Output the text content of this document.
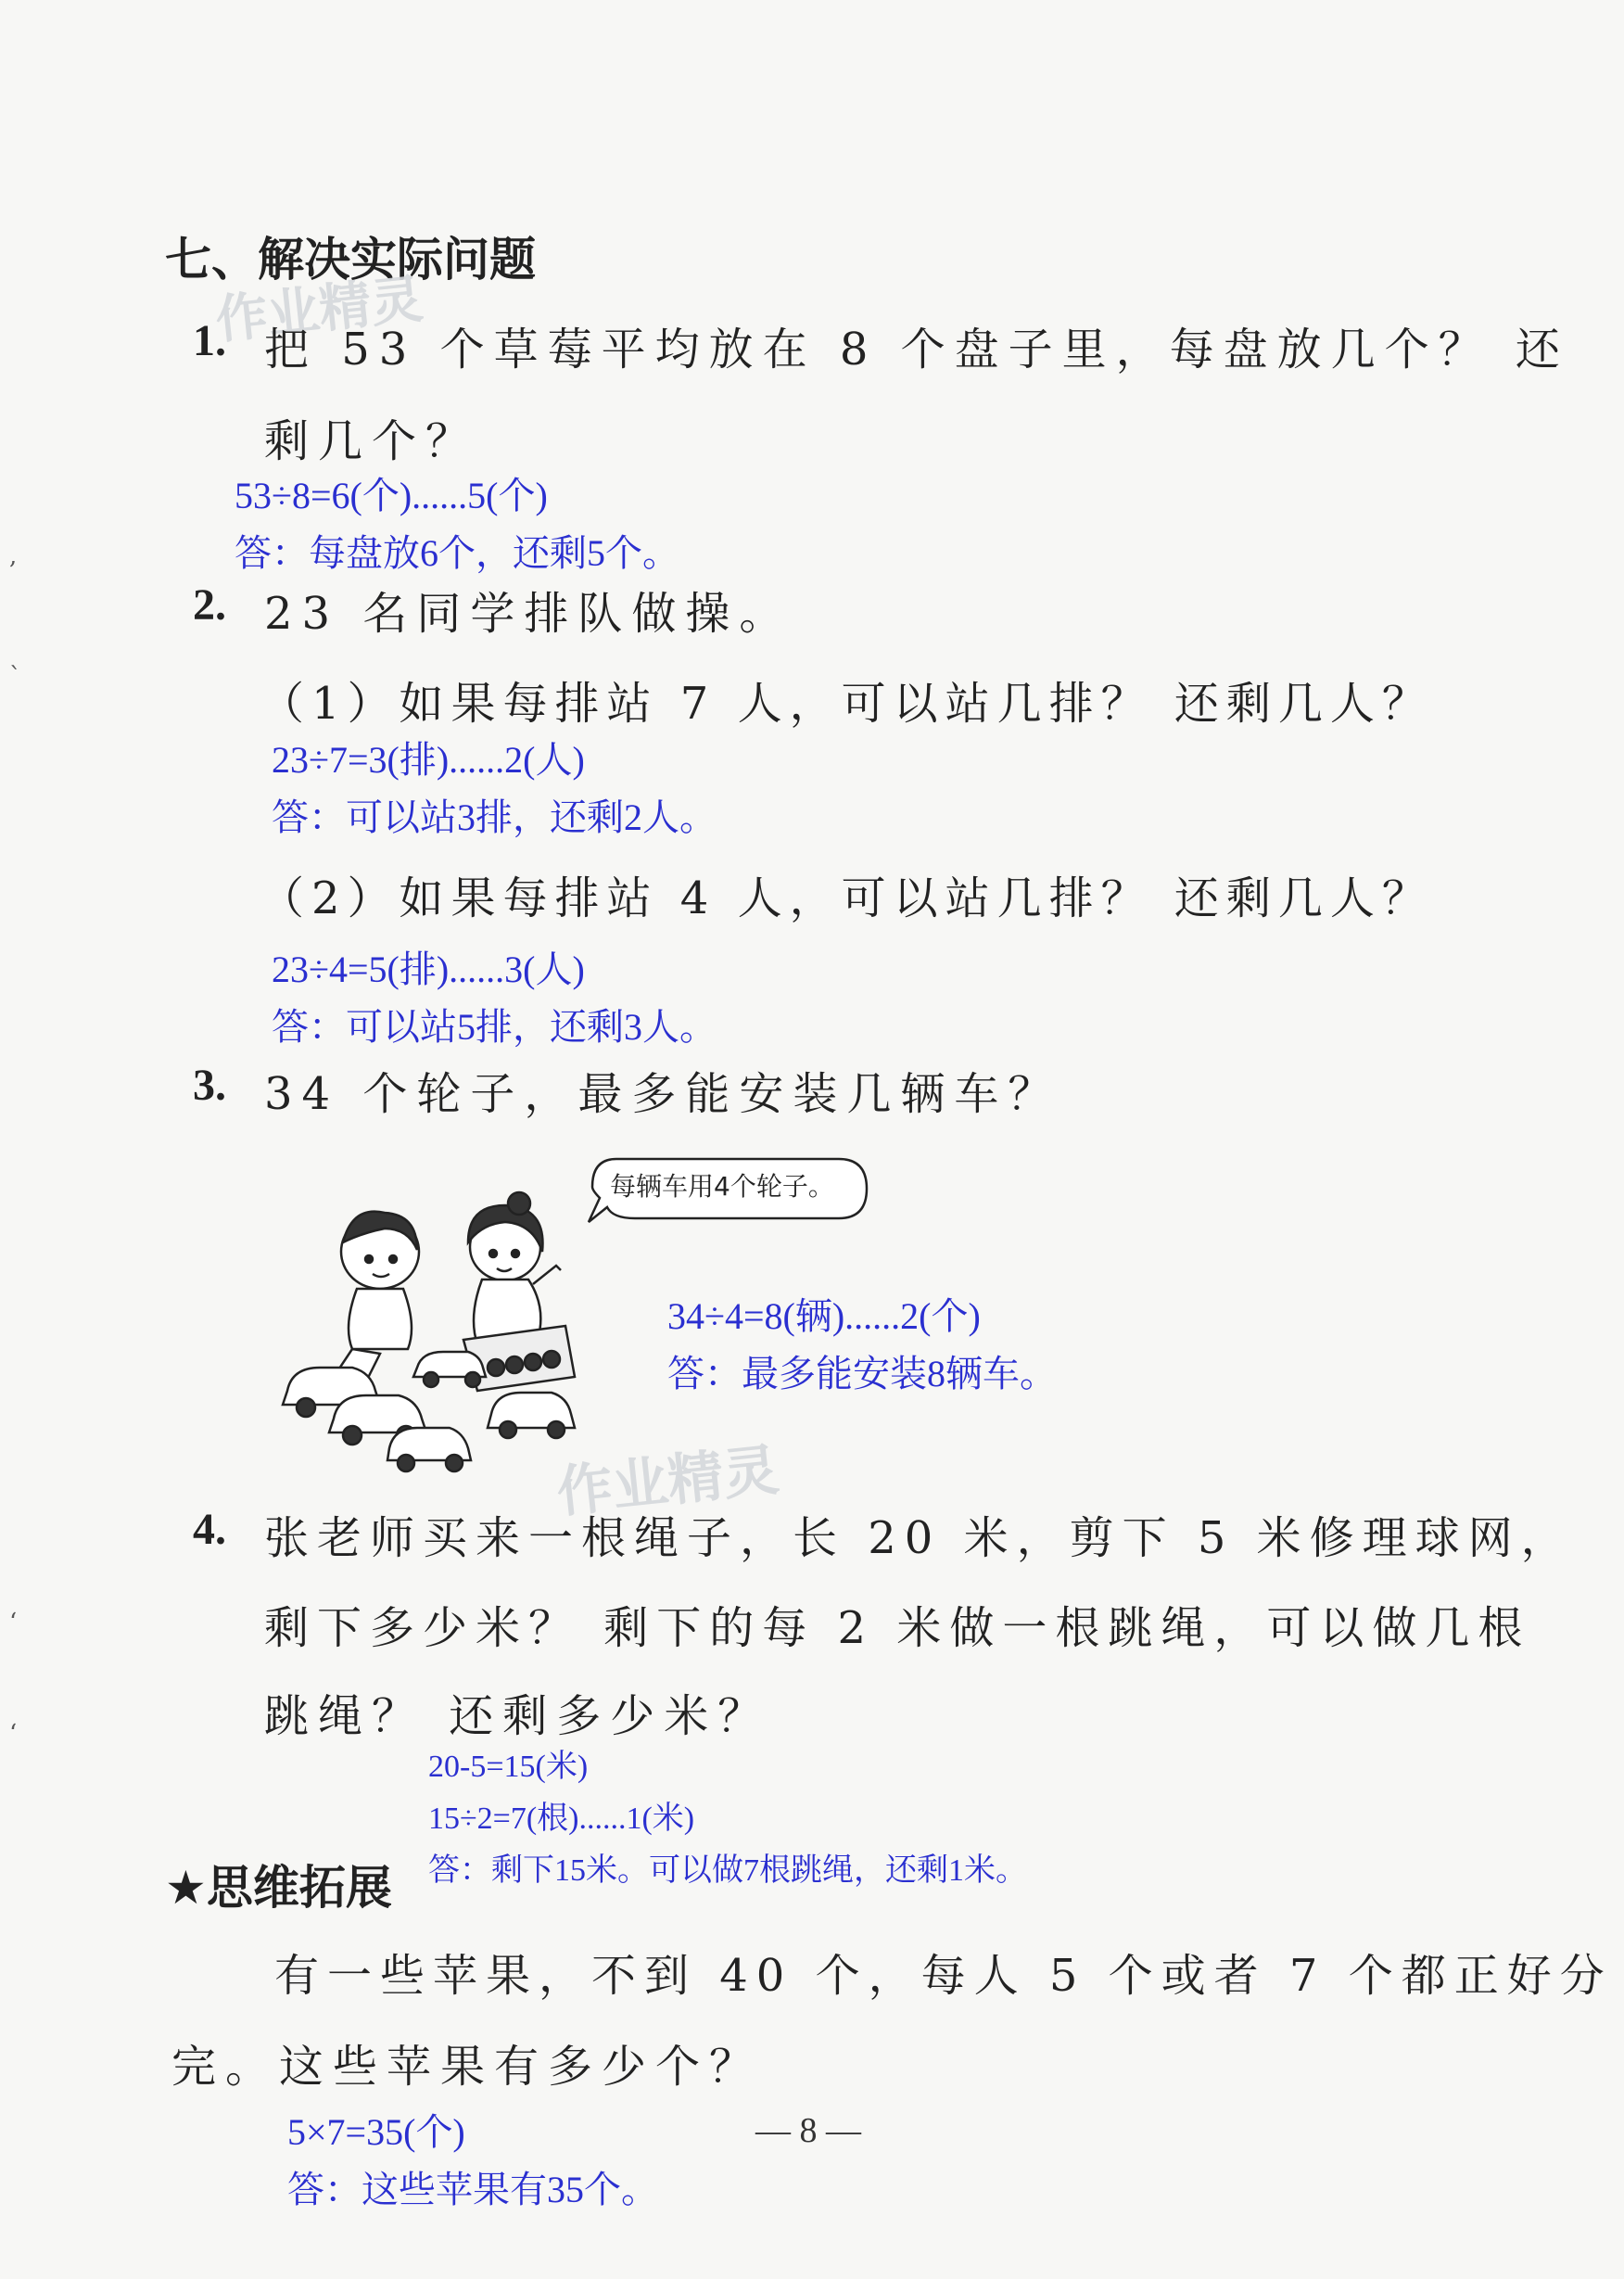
,
`
‘
‘
七、解决实际问题
作业精灵
1. 把 53 个草莓平均放在 8 个盘子里，每盘放几个？ 还
剩几个？
53÷8=6(个)......5(个)
答：每盘放6个，还剩5个。
2. 23 名同学排队做操。
（1）如果每排站 7 人，可以站几排？ 还剩几人？
23÷7=3(排)......2(人)
答：可以站3排，还剩2人。
（2）如果每排站 4 人，可以站几排？ 还剩几人？
23÷4=5(排)......3(人)
答：可以站5排，还剩3人。
3. 34 个轮子，最多能安装几辆车？
每辆车用4个轮子。
34÷4=8(辆)......2(个)
答：最多能安装8辆车。
作业精灵
4. 张老师买来一根绳子，长 20 米，剪下 5 米修理球网，
剩下多少米？ 剩下的每 2 米做一根跳绳，可以做几根
跳绳？ 还剩多少米？
20-5=15(米)
15÷2=7(根)......1(米)
答：剩下15米。可以做7根跳绳，还剩1米。
★思维拓展
有一些苹果，不到 40 个，每人 5 个或者 7 个都正好分
完。这些苹果有多少个？
5×7=35(个)
答：这些苹果有35个。
— 8 —
